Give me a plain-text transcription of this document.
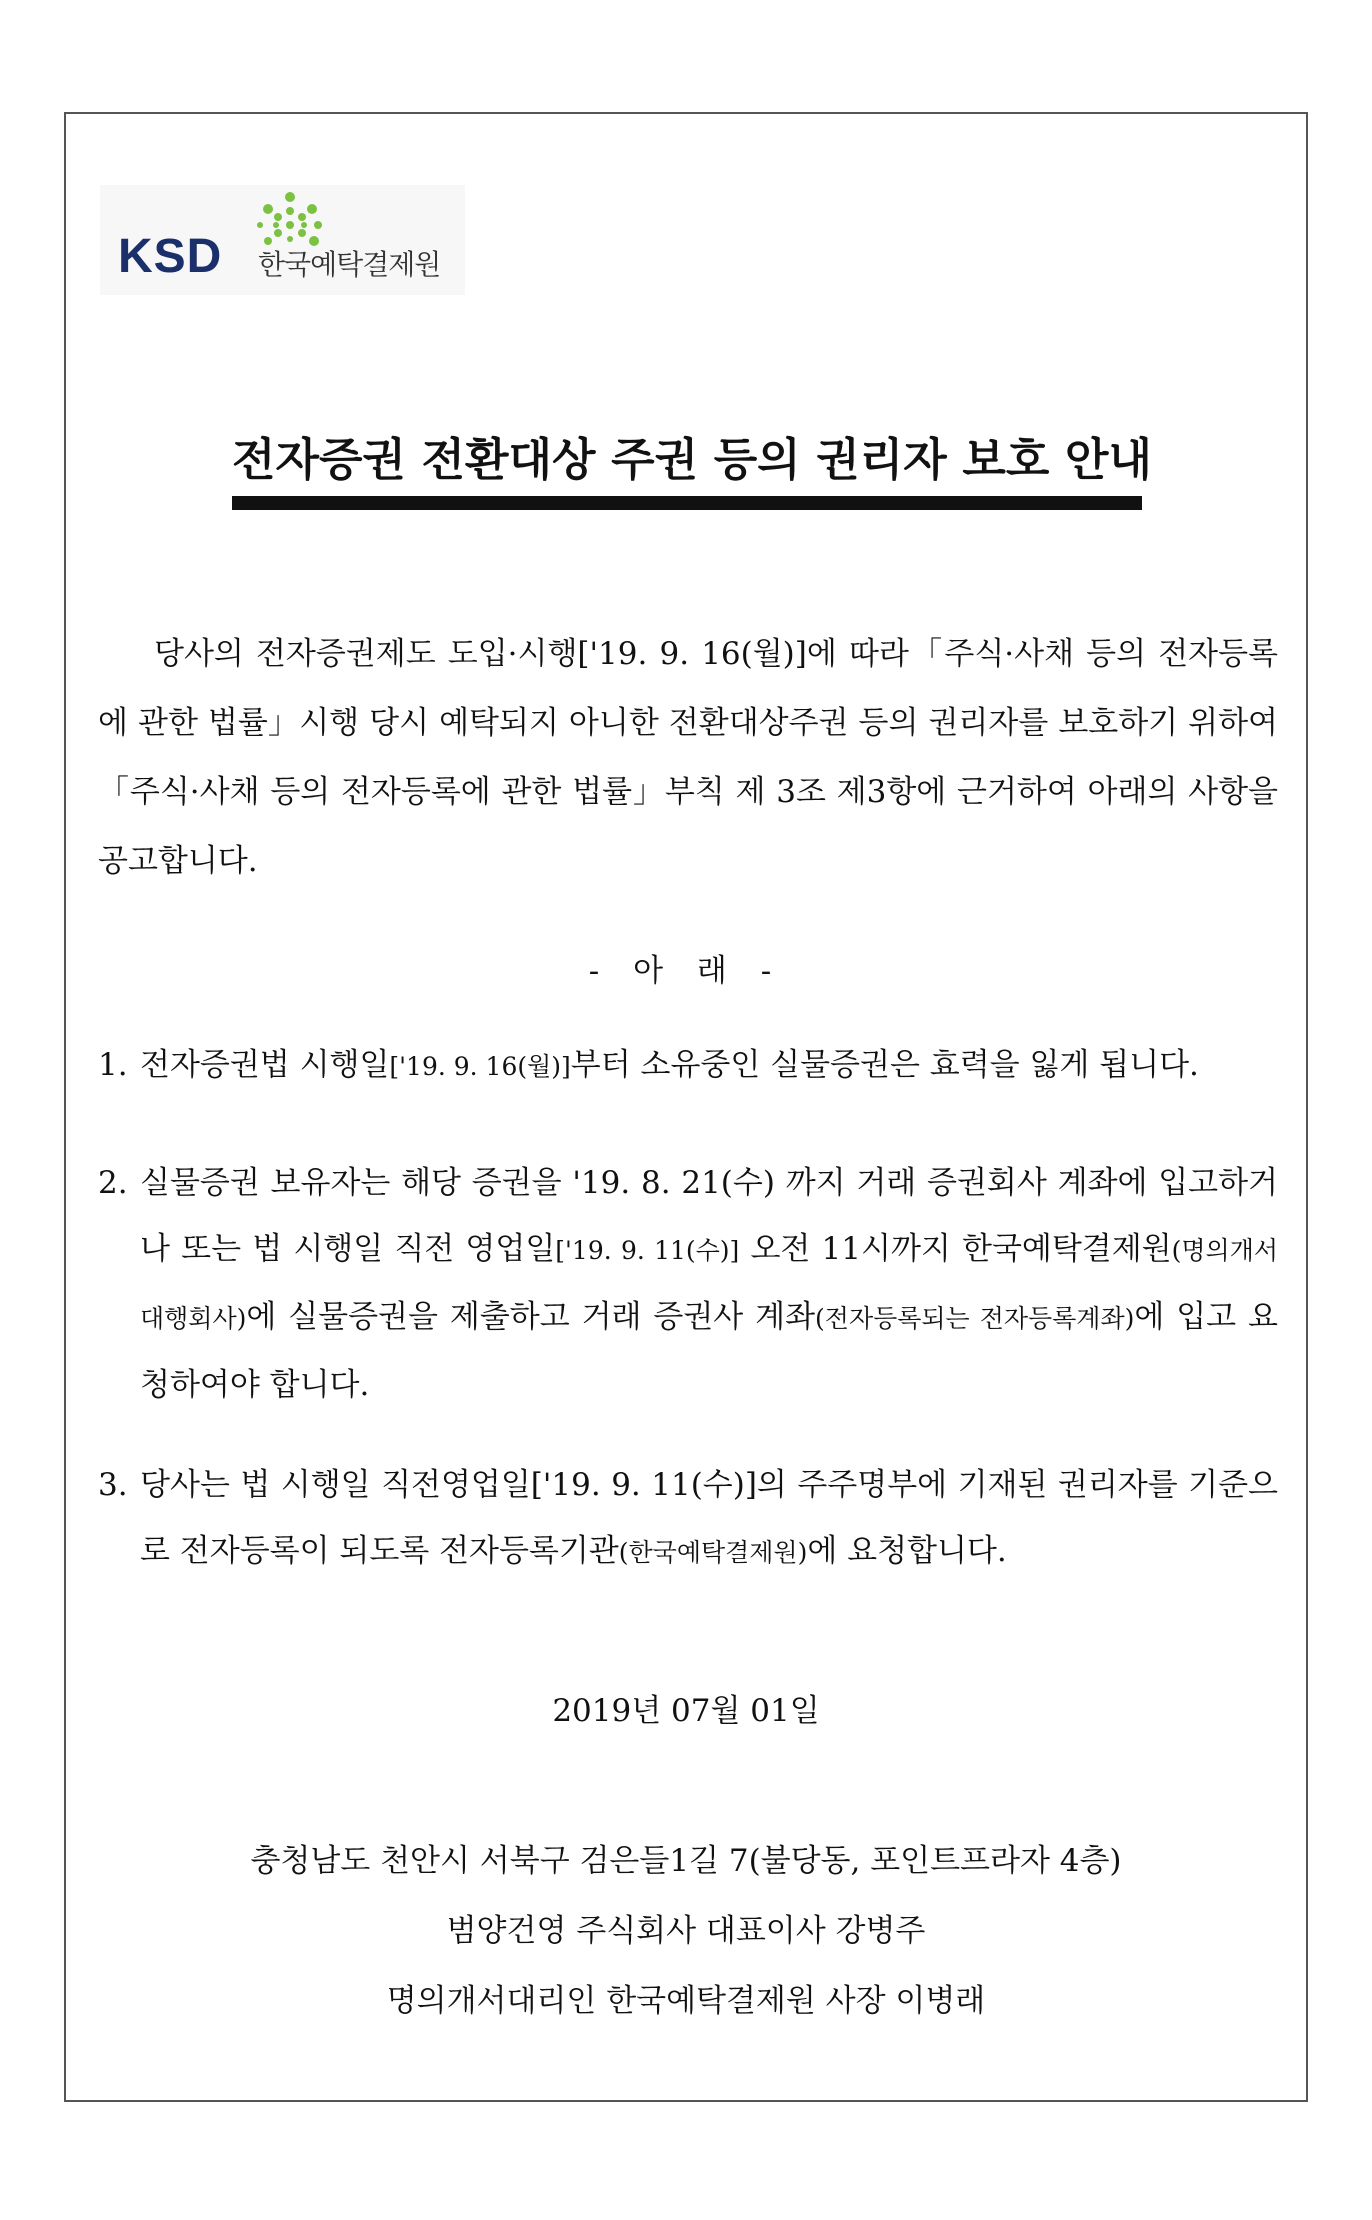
KSD 한국예탁결제원
전자증권 전환대상 주권 등의 권리자 보호 안내
당사의 전자증권제도 도입·시행['19. 9. 16(월)]에 따라「주식·사채 등의 전자등록에 관한 법률」시행 당시 예탁되지 아니한 전환대상주권 등의 권리자를 보호하기 위하여「주식·사채 등의 전자등록에 관한 법률」부칙 제 3조 제3항에 근거하여 아래의 사항을 공고합니다.
- 아 래 -
1. 전자증권법 시행일['19. 9. 16(월)]부터 소유중인 실물증권은 효력을 잃게 됩니다.
2. 실물증권 보유자는 해당 증권을 '19. 8. 21(수) 까지 거래 증권회사 계좌에 입고하거나 또는 법 시행일 직전 영업일['19. 9. 11(수)] 오전 11시까지 한국예탁결제원(명의개서대행회사)에 실물증권을 제출하고 거래 증권사 계좌(전자등록되는 전자등록계좌)에 입고 요청하여야 합니다.
3. 당사는 법 시행일 직전영업일['19. 9. 11(수)]의 주주명부에 기재된 권리자를 기준으로 전자등록이 되도록 전자등록기관(한국예탁결제원)에 요청합니다.
2019년 07월 01일
충청남도 천안시 서북구 검은들1길 7(불당동, 포인트프라자 4층)
범양건영 주식회사 대표이사 강병주
명의개서대리인 한국예탁결제원 사장 이병래
